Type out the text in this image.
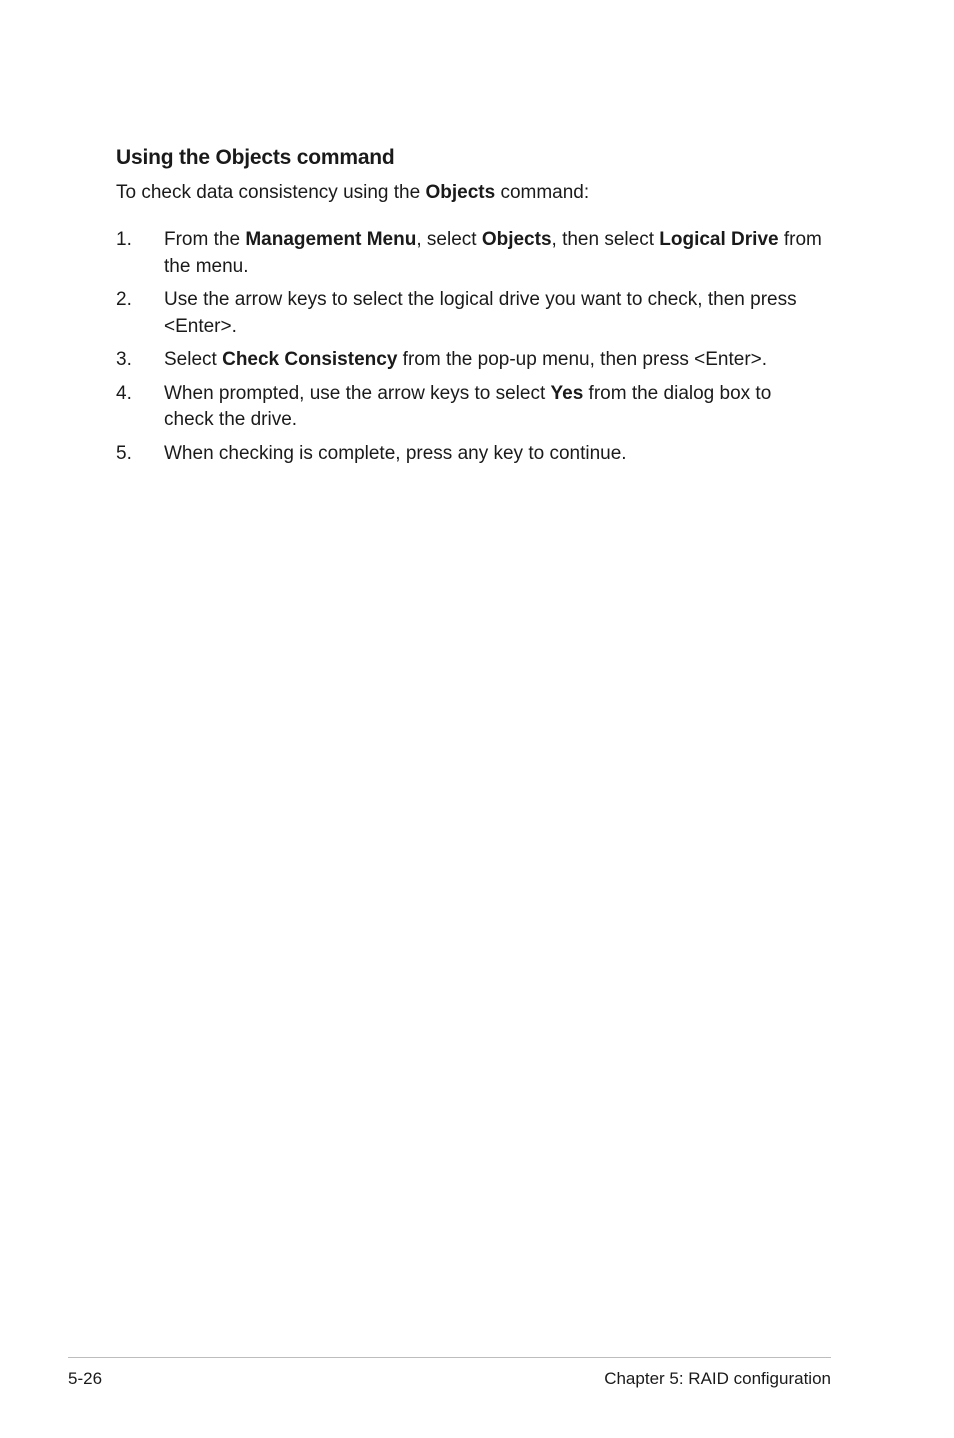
Using the Objects command
To check data consistency using the Objects command:
1. From the Management Menu, select Objects, then select Logical Drive from the menu.
2. Use the arrow keys to select the logical drive you want to check, then press <Enter>.
3. Select Check Consistency from the pop-up menu, then press <Enter>.
4. When prompted, use the arrow keys to select Yes from the dialog box to check the drive.
5. When checking is complete, press any key to continue.
5-26	Chapter 5: RAID configuration
